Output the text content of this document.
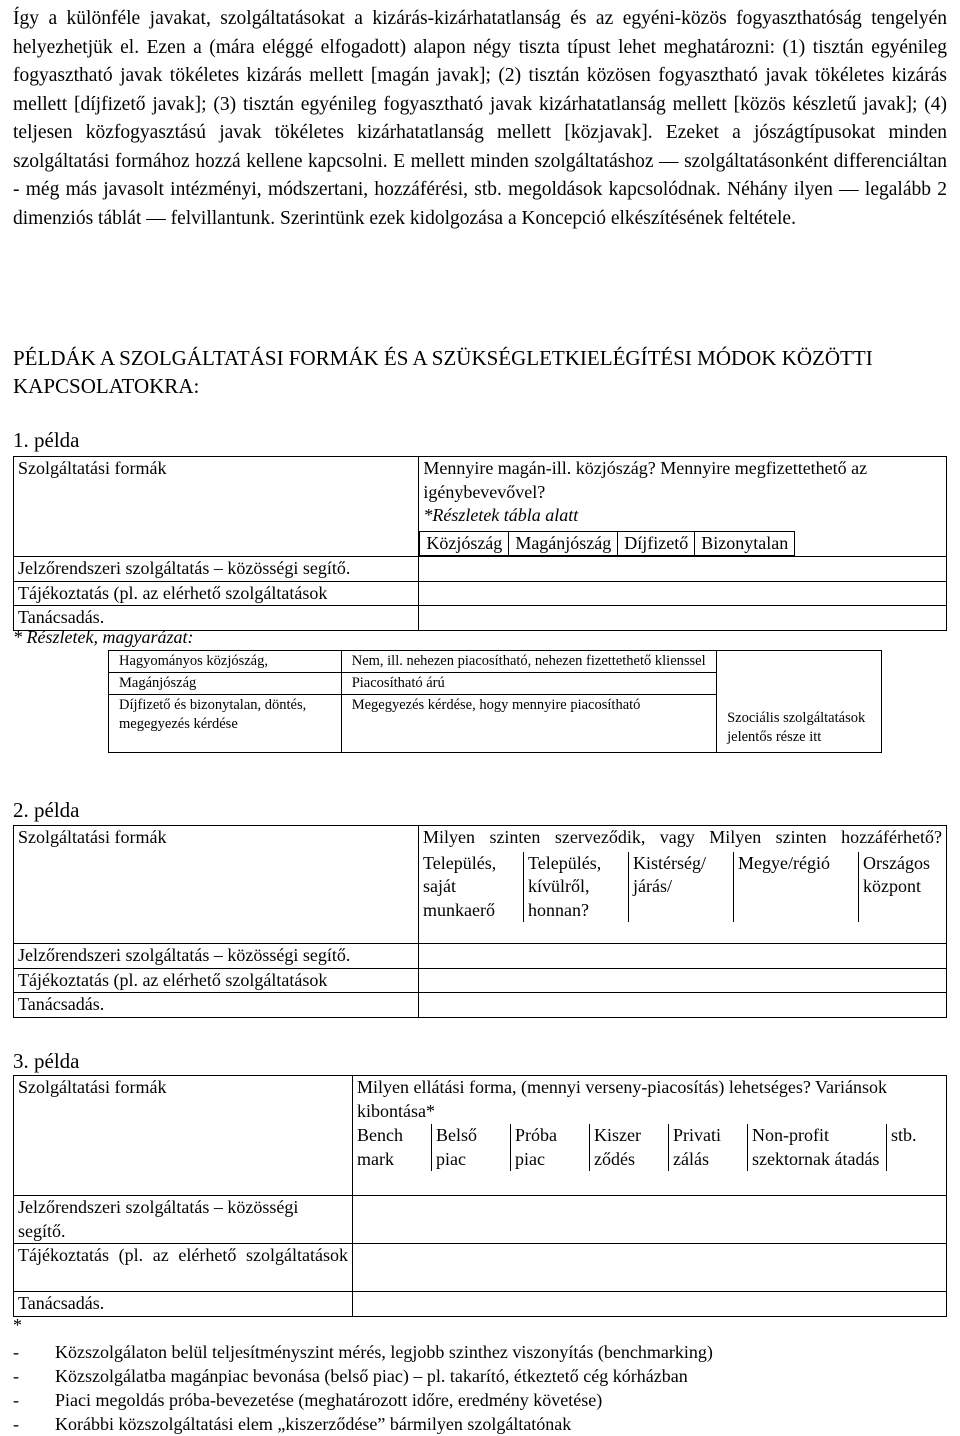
Így a különféle javakat, szolgáltatásokat a kizárás-kizárhatatlanság és az egyéni-közös fogyaszthatóság tengelyén helyezhetjük el. Ezen a (mára eléggé elfogadott) alapon négy tiszta típust lehet meghatározni: (1) tisztán egyénileg fogyasztható javak tökéletes kizárás mellett [magán javak]; (2) tisztán közösen fogyasztható javak tökéletes kizárás mellett [díjfizető javak]; (3) tisztán egyénileg fogyasztható javak kizárhatatlanság mellett [közös készletű javak]; (4) teljesen közfogyasztású javak tökéletes kizárhatatlanság mellett [közjavak]. Ezeket a jószágtípusokat minden szolgáltatási formához hozzá kellene kapcsolni. E mellett minden szolgáltatáshoz — szolgáltatásonként differenciáltan - még más javasolt intézményi, módszertani, hozzáférési, stb. megoldások kapcsolódnak. Néhány ilyen — legalább 2 dimenziós táblát — felvillantunk. Szerintünk ezek kidolgozása a Koncepció elkészítésének feltétele.
PÉLDÁK A SZOLGÁLTATÁSI FORMÁK ÉS A SZÜKSÉGLETKIELÉGÍTÉSI MÓDOK KÖZÖTTI KAPCSOLATOKRA:
1. példa
Szolgáltatási formák	Mennyire magán-ill. közjószág? Mennyire megfizettethető az igénybevevővel?
*Részletek tábla alatt
Közjószág	Magánjószág	Díjfizető	Bizonytalan

Jelzőrendszeri szolgáltatás – közösségi segítő.	
Tájékoztatás (pl. az elérhető szolgáltatások	
Tanácsadás.	
* Részletek, magyarázat:
Hagyományos közjószág,	Nem, ill. nehezen piacosítható, nehezen fizettethető klienssel	Szociális szolgáltatások jelentős része itt
Magánjószág	Piacosítható árú	
Díjfizető és bizonytalan, döntés, megegyezés kérdése	Megegyezés kérdése, hogy mennyire piacosítható	
2. példa
Szolgáltatási formák	Milyen szinten szerveződik, vagy Milyen szinten hozzáférhető?
Település, saját munkaerő	Település, kívülről, honnan?	Kistérség/ járás/	Megye/régió	Országos központ

Jelzőrendszeri szolgáltatás – közösségi segítő.	
Tájékoztatás (pl. az elérhető szolgáltatások	
Tanácsadás.	
3. példa
Szolgáltatási formák	Milyen ellátási forma, (mennyi verseny-piacosítás) lehetséges? Variánsok kibontása*
Bench mark	Belső piac	Próba piac	Kiszer ződés	Privati zálás	Non-profit szektornak átadás	stb.

Jelzőrendszeri szolgáltatás – közösségi segítő.	
Tájékoztatás (pl. az elérhető szolgáltatások	
Tanácsadás.	
*
- Közszolgálaton belül teljesítményszint mérés, legjobb szinthez viszonyítás (benchmarking)
- Közszolgálatba magánpiac bevonása (belső piac) – pl. takarító, étkeztető cég kórházban
- Piaci megoldás próba-bevezetése (meghatározott időre, eredmény követése)
- Korábbi közszolgáltatási elem „kiszerződése” bármilyen szolgáltatónak
